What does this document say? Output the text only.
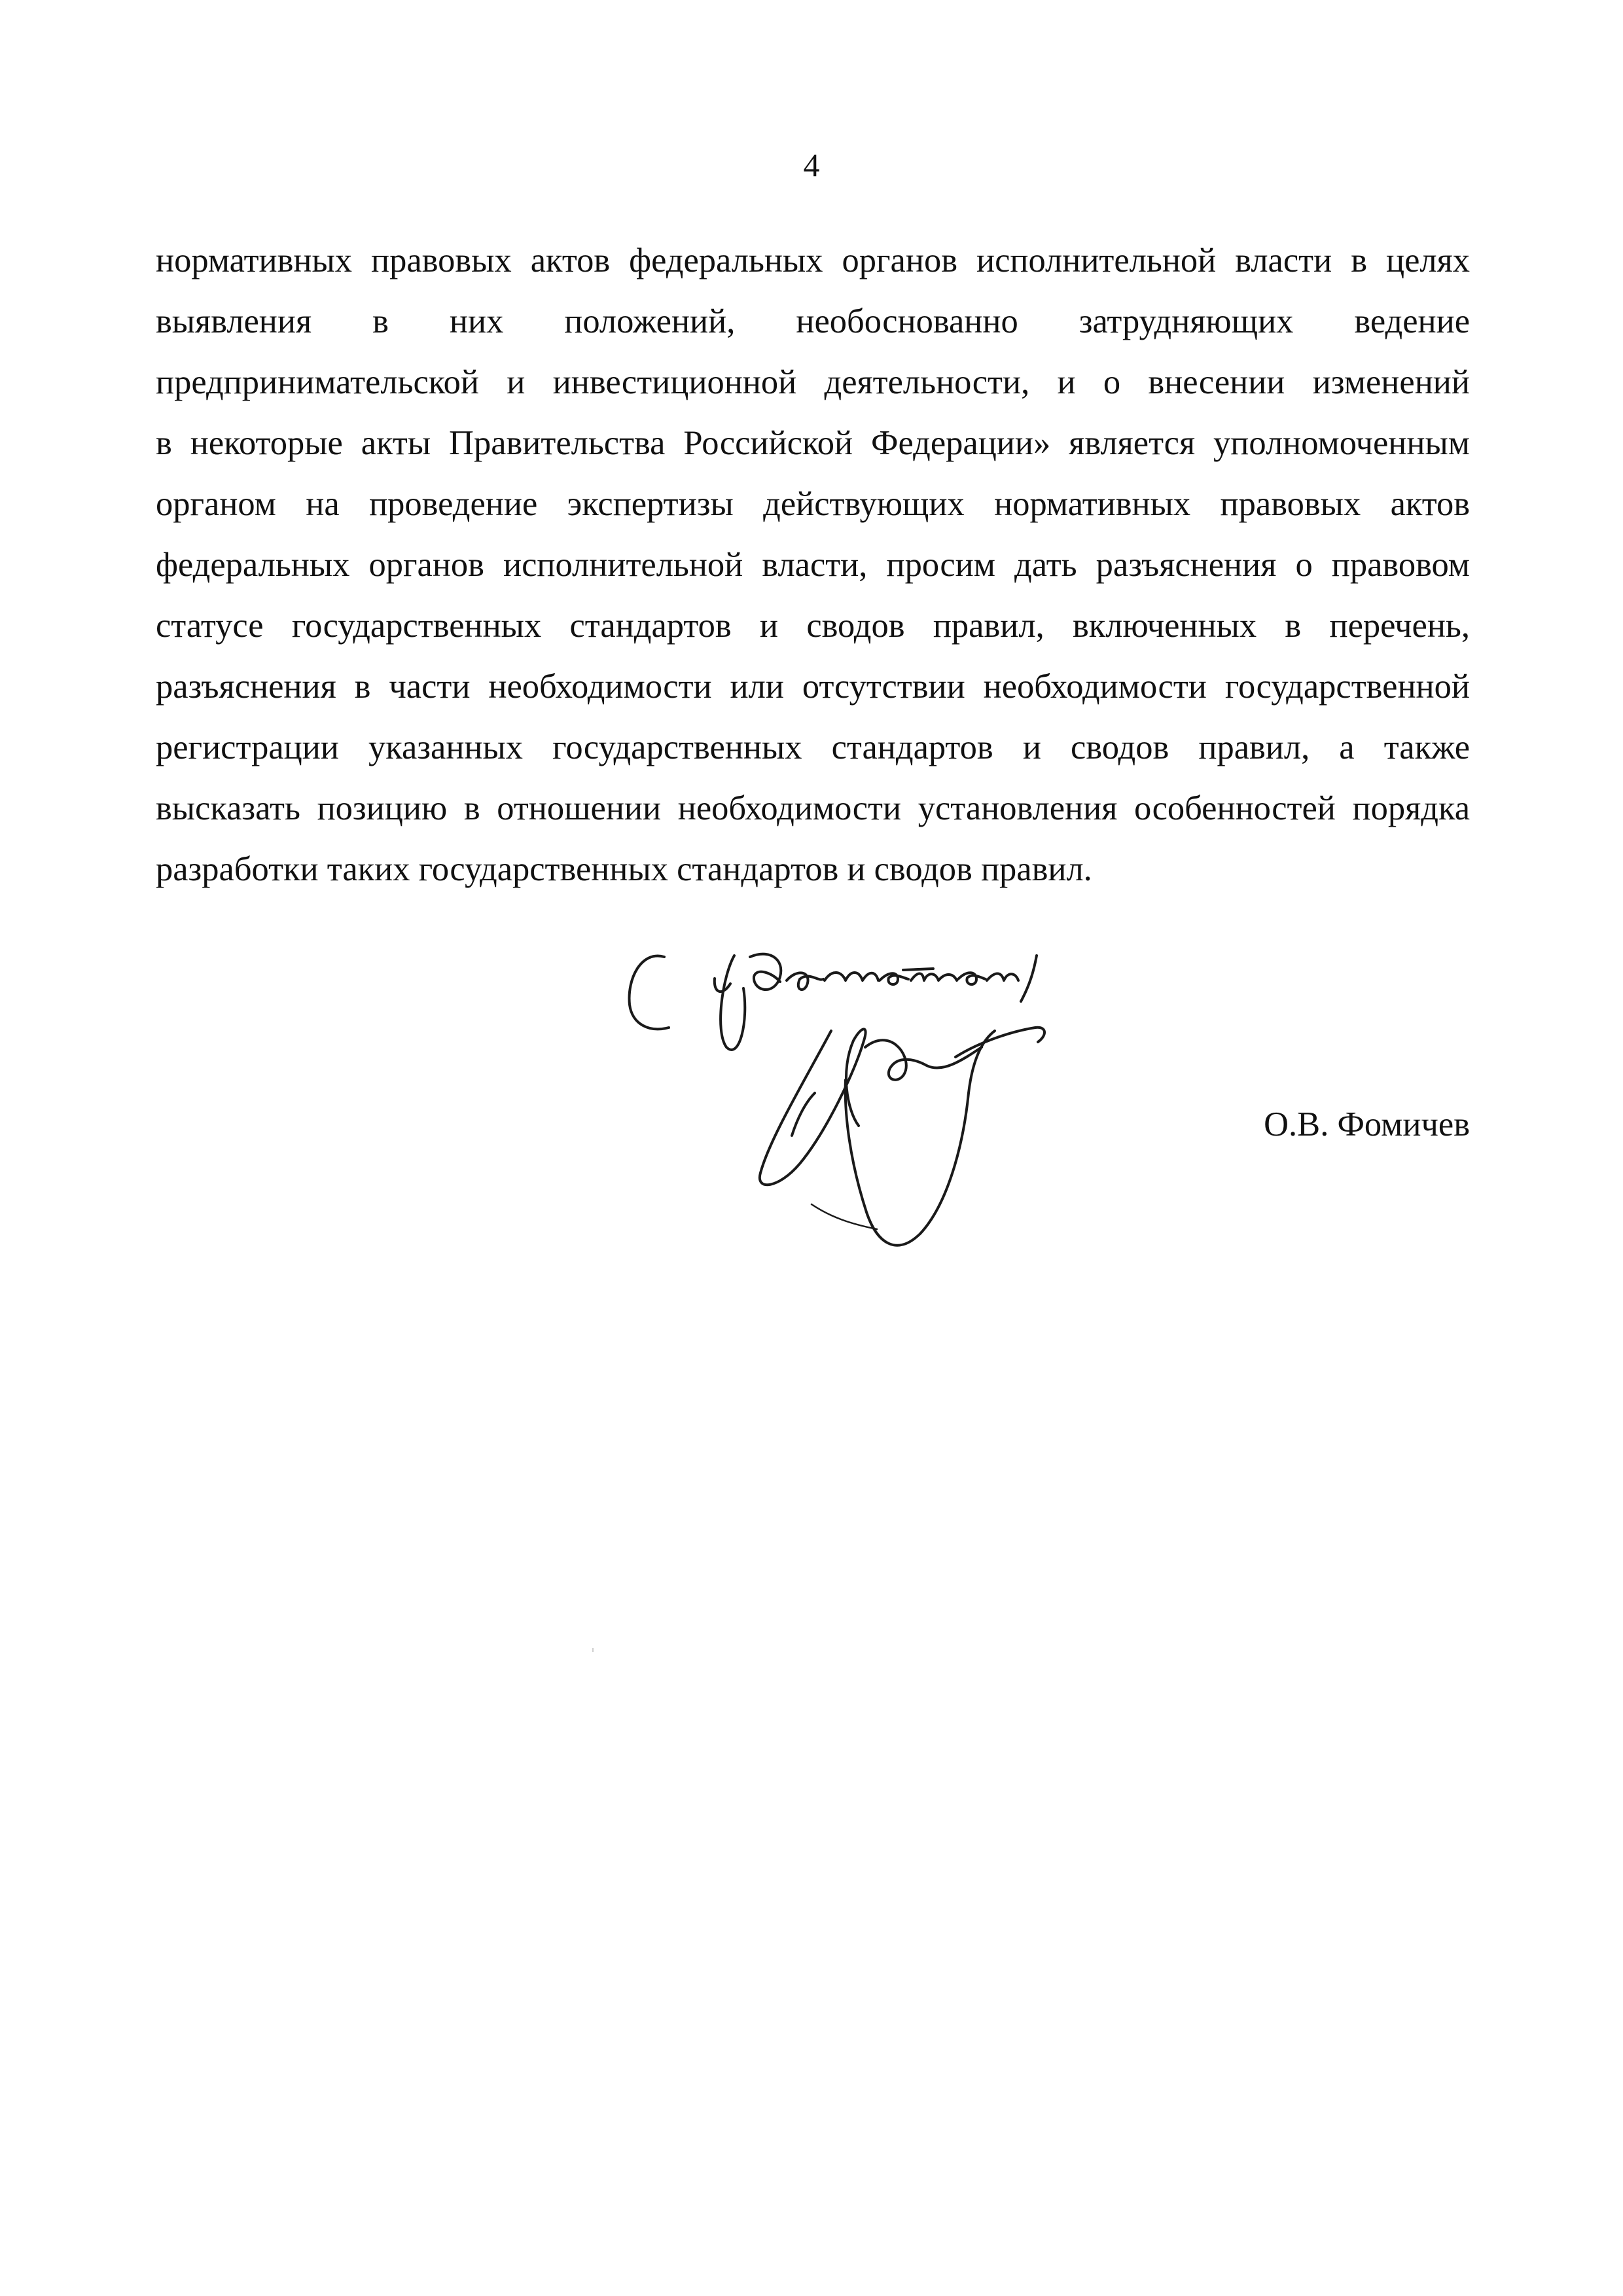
4
нормативных правовых актов федеральных органов исполнительной власти в целях
выявления в них положений, необоснованно затрудняющих ведение
предпринимательской и инвестиционной деятельности, и о внесении изменений
в некоторые акты Правительства Российской Федерации» является уполномоченным
органом на проведение экспертизы действующих нормативных правовых актов
федеральных органов исполнительной власти, просим дать разъяснения о правовом
статусе государственных стандартов и сводов правил, включенных в перечень,
разъяснения в части необходимости или отсутствии необходимости государственной
регистрации указанных государственных стандартов и сводов правил, а также
высказать позицию в отношении необходимости установления особенностей порядка
разработки таких государственных стандартов и сводов правил.
О.В. Фомичев
